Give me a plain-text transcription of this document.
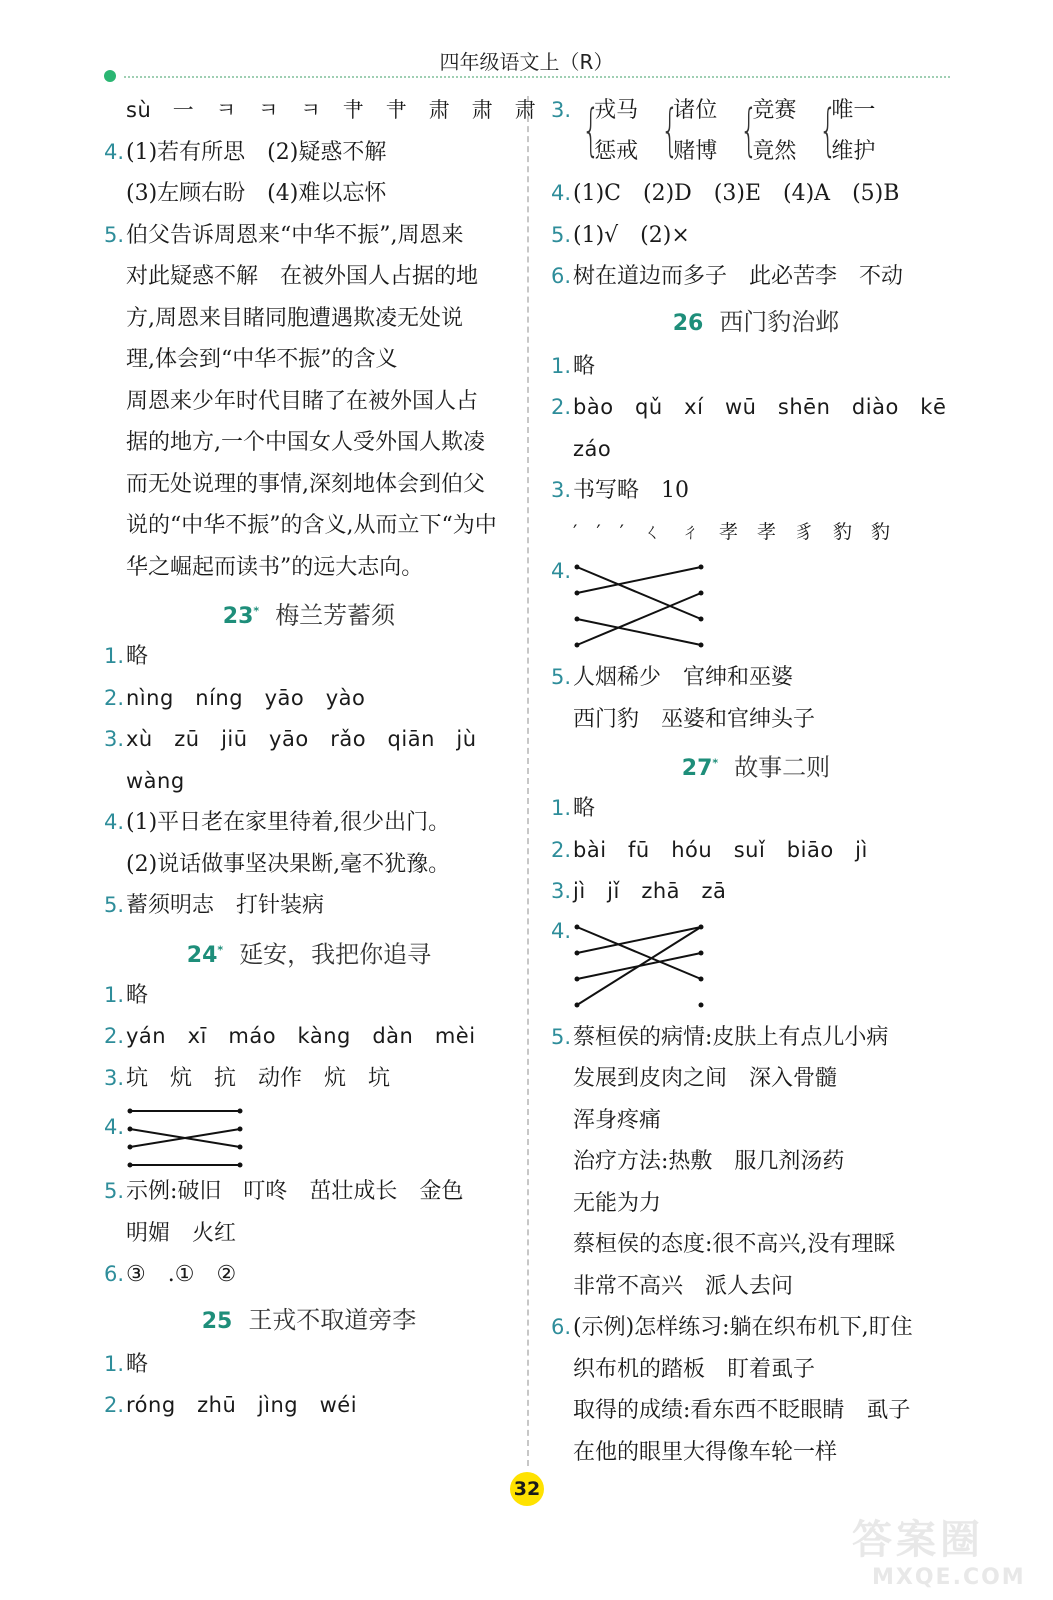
四年级语文上（R）
sù　一　ㅋ　ㅋ　ㅋ　肀　肀　肃　肃　肃
4.(1)若有所思　(2)疑惑不解
(3)左顾右盼　(4)难以忘怀
5.伯父告诉周恩来“中华不振”,周恩来
对此疑惑不解　在被外国人占据的地
方,周恩来目睹同胞遭遇欺凌无处说
理,体会到“中华不振”的含义
周恩来少年时代目睹了在被外国人占
据的地方,一个中国女人受外国人欺凌
而无处说理的事情,深刻地体会到伯父
说的“中华不振”的含义,从而立下“为中
华之崛起而读书”的远大志向。
23* 梅兰芳蓄须
1.略
2.nìng　níng　yāo　yào
3.xù　zū　jiū　yāo　rǎo　qiān　jù
wàng
4.(1)平日老在家里待着,很少出门。
(2)说话做事坚决果断,毫不犹豫。
5.蓄须明志　打针装病
24* 延安，我把你追寻
1.略
2.yán　xī　máo　kàng　dàn　mèi
3.坑　炕　抗　动作　炕　坑
4.
5.示例:破旧　叮咚　茁壮成长　金色
明媚　火红
6.③　.①　②
25 王戎不取道旁李
1.略
2.róng　zhū　jìng　wéi
3. {
戎马
惩戒
{
诸位
赌博
{
竞赛
竟然
{
唯一
维护
4.(1)C　(2)D　(3)E　(4)A　(5)B
5.(1)√　(2)×
6.树在道边而多子　此必苦李　不动
26 西门豹治邺
1.略
2.bào　qǔ　xí　wū　shēn　diào　kē
záo
3.书写略　10
′　′　′　ㄑ　ㄔ　孝　孝　豸　豹　豹
4.
5.人烟稀少　官绅和巫婆
西门豹　巫婆和官绅头子
27* 故事二则
1.略
2.bài　fū　hóu　suǐ　biāo　jì
3.jì　jǐ　zhā　zā
4.
5.蔡桓侯的病情:皮肤上有点儿小病
发展到皮肉之间　深入骨髓
浑身疼痛
治疗方法:热敷　服几剂汤药
无能为力
蔡桓侯的态度:很不高兴,没有理睬
非常不高兴　派人去问
6.(示例)怎样练习:躺在织布机下,盯住
织布机的踏板　盯着虱子
取得的成绩:看东西不眨眼睛　虱子
在他的眼里大得像车轮一样
32
答案圈
MXQE.COM
